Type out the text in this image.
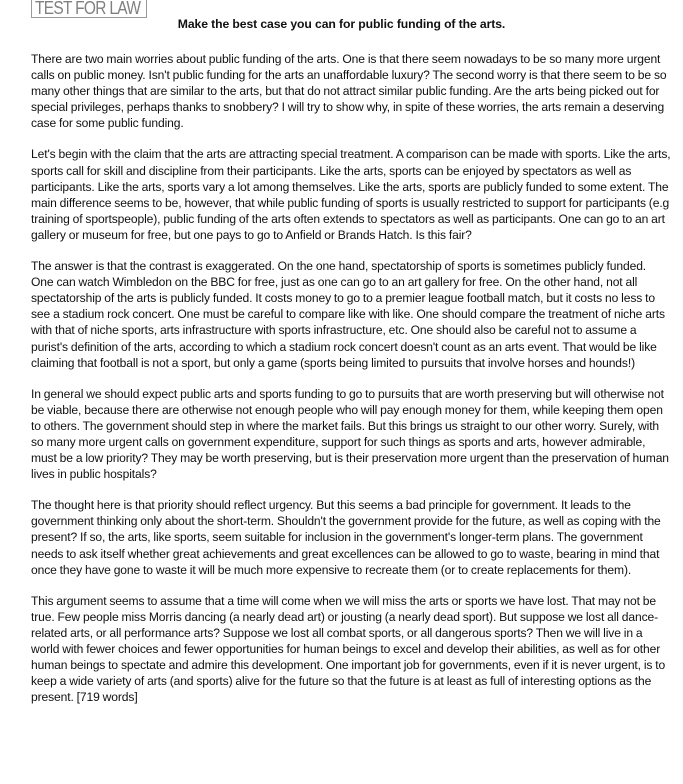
TEST FOR LAW
Make the best case you can for public funding of the arts.

There are two main worries about public funding of the arts. One is that there seem nowadays to be so many more urgent calls on public money. Isn't public funding for the arts an unaffordable luxury? The second worry is that there seem to be so many other things that are similar to the arts, but that do not attract similar public funding. Are the arts being picked out for special privileges, perhaps thanks to snobbery? I will try to show why, in spite of these worries, the arts remain a deserving case for some public funding.

Let's begin with the claim that the arts are attracting special treatment. A comparison can be made with sports. Like the arts, sports call for skill and discipline from their participants. Like the arts, sports can be enjoyed by spectators as well as participants. Like the arts, sports vary a lot among themselves. Like the arts, sports are publicly funded to some extent. The main difference seems to be, however, that while public funding of sports is usually restricted to support for participants (e.g training of sportspeople), public funding of the arts often extends to spectators as well as participants. One can go to an art gallery or museum for free, but one pays to go to Anfield or Brands Hatch. Is this fair?

The answer is that the contrast is exaggerated. On the one hand, spectatorship of sports is sometimes publicly funded. One can watch Wimbledon on the BBC for free, just as one can go to an art gallery for free. On the other hand, not all spectatorship of the arts is publicly funded. It costs money to go to a premier league football match, but it costs no less to see a stadium rock concert. One must be careful to compare like with like. One should compare the treatment of niche arts with that of niche sports, arts infrastructure with sports infrastructure, etc. One should also be careful not to assume a purist's definition of the arts, according to which a stadium rock concert doesn't count as an arts event. That would be like claiming that football is not a sport, but only a game (sports being limited to pursuits that involve horses and hounds!)

In general we should expect public arts and sports funding to go to pursuits that are worth preserving but will otherwise not be viable, because there are otherwise not enough people who will pay enough money for them, while keeping them open to others. The government should step in where the market fails. But this brings us straight to our other worry. Surely, with so many more urgent calls on government expenditure, support for such things as sports and arts, however admirable, must be a low priority? They may be worth preserving, but is their preservation more urgent than the preservation of human lives in public hospitals?

The thought here is that priority should reflect urgency. But this seems a bad principle for government. It leads to the government thinking only about the short-term. Shouldn't the government provide for the future, as well as coping with the present? If so, the arts, like sports, seem suitable for inclusion in the government's longer-term plans. The government needs to ask itself whether great achievements and great excellences can be allowed to go to waste, bearing in mind that once they have gone to waste it will be much more expensive to recreate them (or to create replacements for them).

This argument seems to assume that a time will come when we will miss the arts or sports we have lost. That may not be true. Few people miss Morris dancing (a nearly dead art) or jousting (a nearly dead sport). But suppose we lost all dance-related arts, or all performance arts? Suppose we lost all combat sports, or all dangerous sports? Then we will live in a world with fewer choices and fewer opportunities for human beings to excel and develop their abilities, as well as for other human beings to spectate and admire this development. One important job for governments, even if it is never urgent, is to keep a wide variety of arts (and sports) alive for the future so that the future is at least as full of interesting options as the present. [719 words]
